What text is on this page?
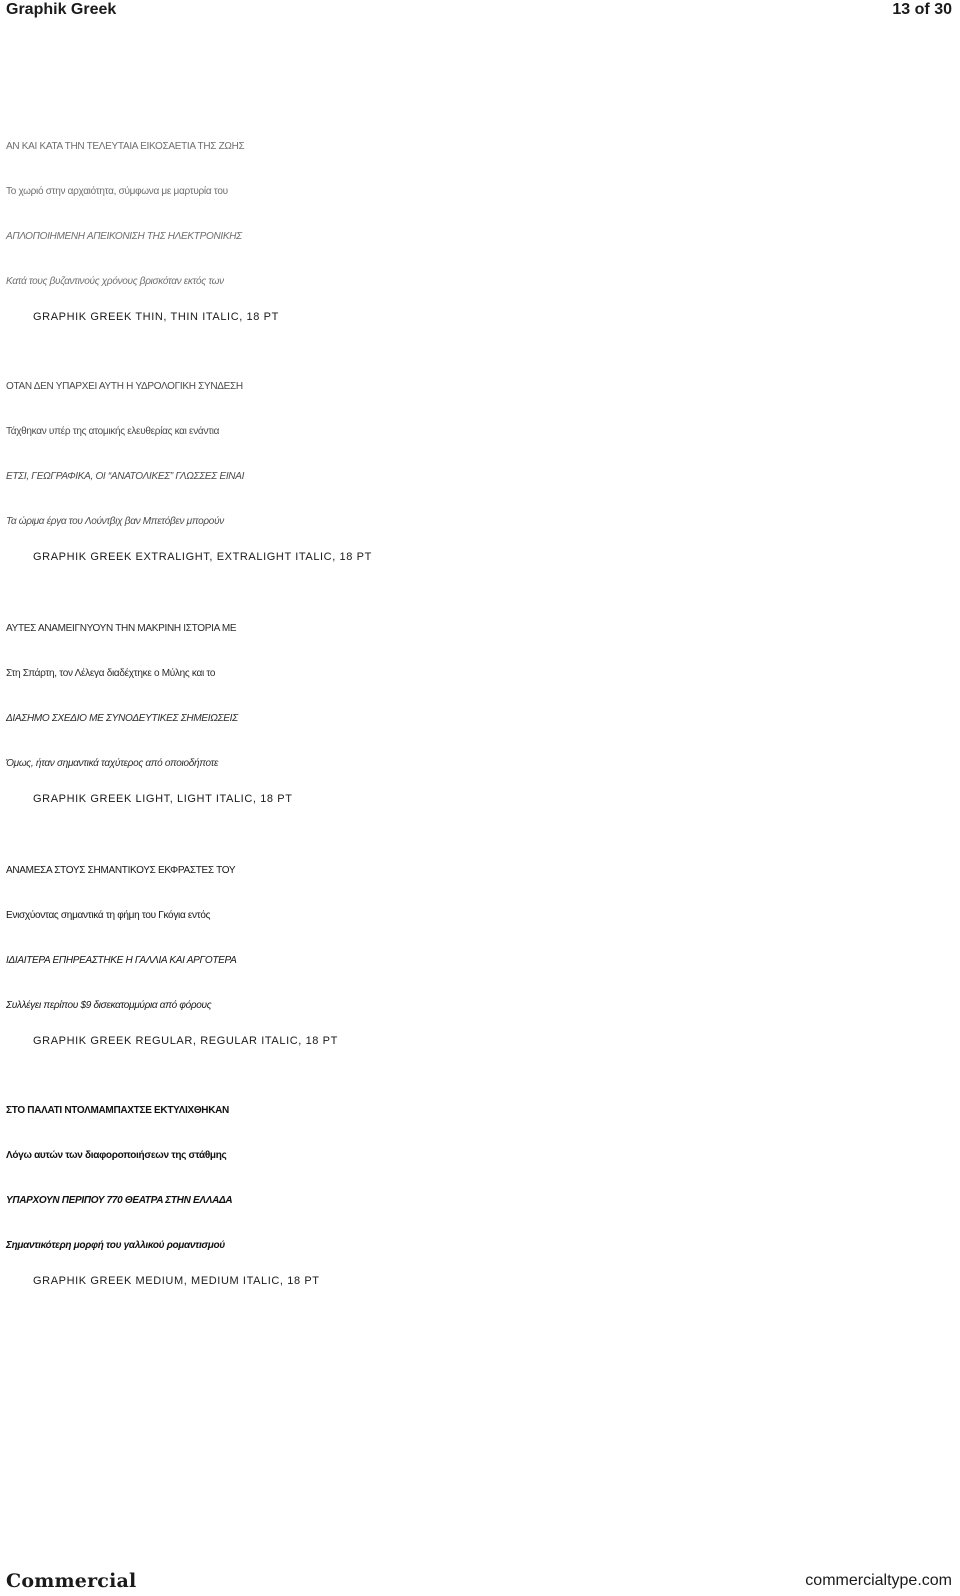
Graphik Greek	13 of 30
ΑΝ ΚΑΙ ΚΑΤΑ ΤΗΝ ΤΕΛΕΥΤΑΙΑ ΕΙΚΟΣΑΕΤΙΑ ΤΗΣ ΖΩΗΣ
Το χωριό στην αρχαιότητα, σύμφωνα με μαρτυρία του
ΑΠΛΟΠΟΙΗΜΕΝΗ ΑΠΕΙΚΟΝΙΣΗ ΤΗΣ ΗΛΕΚΤΡΟΝΙΚΗΣ
Κατά τους βυζαντινούς χρόνους βρισκόταν εκτός των
GRAPHIK GREEK THIN, THIN ITALIC, 18 PT
ΟΤΑΝ ΔΕΝ ΥΠΑΡΧΕΙ ΑΥΤΗ Η ΥΔΡΟΛΟΓΙΚΗ ΣΥΝΔΕΣΗ
Τάχθηκαν υπέρ της ατομικής ελευθερίας και ενάντια
ΕΤΣΙ, ΓΕΩΓΡΑΦΙΚΑ, ΟΙ “ΑΝΑΤΟΛΙΚΕΣ” ΓΛΩΣΣΕΣ ΕΙΝΑΙ
Τα ώριμα έργα του Λούντβιχ βαν Μπετόβεν μπορούν
GRAPHIK GREEK EXTRALIGHT, EXTRALIGHT ITALIC, 18 PT
ΑΥΤΕΣ ΑΝΑΜΕΙΓΝΥΟΥΝ ΤΗΝ ΜΑΚΡΙΝΗ ΙΣΤΟΡΙΑ ΜΕ
Στη Σπάρτη, τον Λέλεγα διαδέχτηκε ο Μύλης και το
ΔΙΑΣΗΜΟ ΣΧΕΔΙΟ ΜΕ ΣΥΝΟΔΕΥΤΙΚΕΣ ΣΗΜΕΙΩΣΕΙΣ
Όμως, ήταν σημαντικά ταχύτερος από οποιοδήποτε
GRAPHIK GREEK LIGHT, LIGHT ITALIC, 18 PT
ΑΝΑΜΕΣΑ ΣΤΟΥΣ ΣΗΜΑΝΤΙΚΟΥΣ ΕΚΦΡΑΣΤΕΣ ΤΟΥ
Ενισχύοντας σημαντικά τη φήμη του Γκόγια εντός
ΙΔΙΑΙΤΕΡΑ ΕΠΗΡΕΑΣΤΗΚΕ Η ΓΑΛΛΙΑ ΚΑΙ ΑΡΓΟΤΕΡΑ
Συλλέγει περίπου $9 δισεκατομμύρια από φόρους
GRAPHIK GREEK REGULAR, REGULAR ITALIC, 18 PT
ΣΤΟ ΠΑΛΑΤΙ ΝΤΟΛΜΑΜΠΑΧΤΣΕ ΕΚΤΥΛΙΧΘΗΚΑΝ
Λόγω αυτών των διαφοροποιήσεων της στάθμης
ΥΠΑΡΧΟΥΝ ΠΕΡΙΠΟΥ 770 ΘΕΑΤΡΑ ΣΤΗΝ ΕΛΛΑΔΑ
Σημαντικότερη μορφή του γαλλικού ρομαντισμού
GRAPHIK GREEK MEDIUM, MEDIUM ITALIC, 18 PT
Commercial	commercialtype.com
